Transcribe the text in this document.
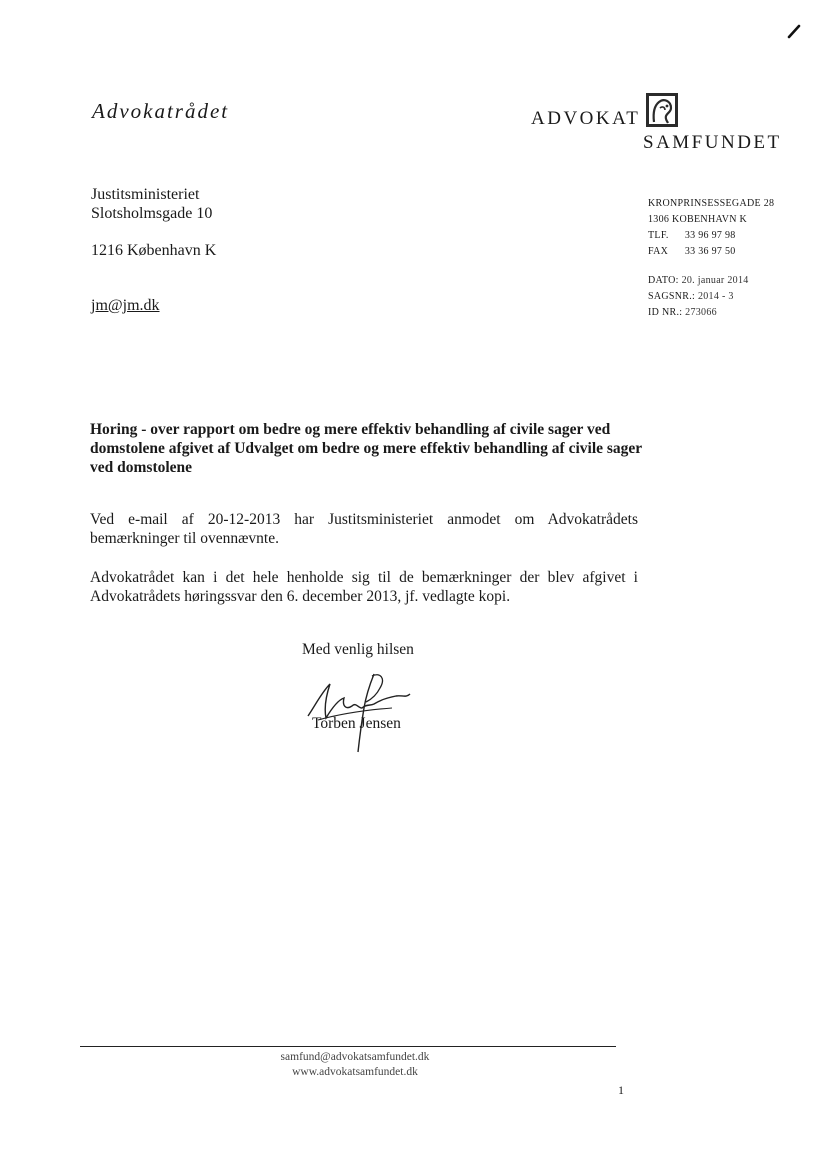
Advokatrådet	ADVOKAT
SAMFUNDET
Justitsministeriet
Slotsholmsgade 10
1216 København K
jm@jm.dk
KRONPRINSESSEGADE 28
1306 KOBENHAVN K
TLF. 33 96 97 98
FAX 33 36 97 50
DATO: 20. januar 2014
SAGSNR.: 2014 - 3
ID NR.: 273066
Horing - over rapport om bedre og mere effektiv behandling af civile sager ved domstolene afgivet af Udvalget om bedre og mere effektiv behandling af civile sager ved domstolene
Ved e-mail af 20-12-2013 har Justitsministeriet anmodet om Advokatrådets bemærkninger til ovennævnte.
Advokatrådet kan i det hele henholde sig til de bemærkninger der blev afgivet i Advokatrådets høringssvar den 6. december 2013, jf. vedlagte kopi.
Med venlig hilsen
Torben Jensen
samfund@advokatsamfundet.dk
www.advokatsamfundet.dk
1
